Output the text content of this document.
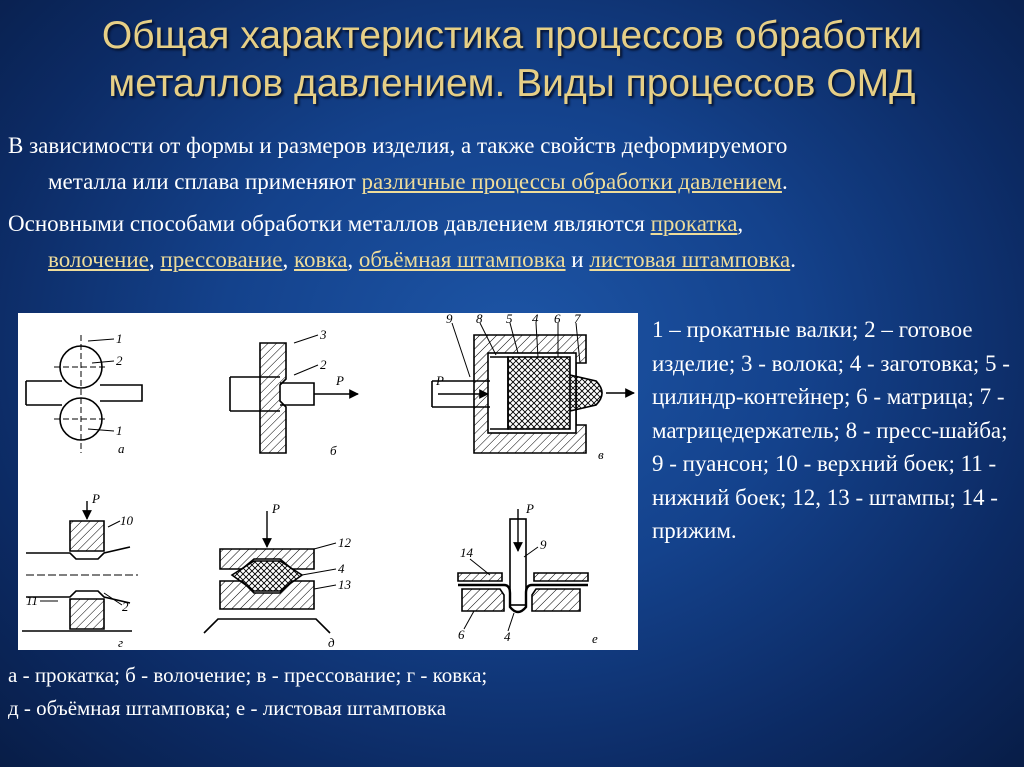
Общая характеристика процессов обработки
металлов давлением. Виды процессов ОМД

В зависимости от формы и размеров изделия, а также свойств деформируемого
металла или сплава применяют различные процессы обработки давлением.

Основными способами обработки металлов давлением являются прокатка,
волочение, прессование, ковка, объёмная штамповка и листовая штамповка.

1
2
1
а
3
2
P
б
9 8 5 4 6 7
P
в
P
10
2
11
г
P
12
4
13
д
P
9
14
6	4	е
1 – прокатные валки; 2 – готовое изделие; 3 - волока; 4 - заготовка; 5 - цилиндр-контейнер; 6 - матрица; 7 - матрицедержатель; 8 - пресс-шайба; 9 - пуансон; 10 - верхний боек; 11 - нижний боек; 12, 13 - штампы; 14 - прижим.
а - прокатка; б - волочение; в - прессование; г - ковка;
д - объёмная штамповка; е - листовая штамповка
